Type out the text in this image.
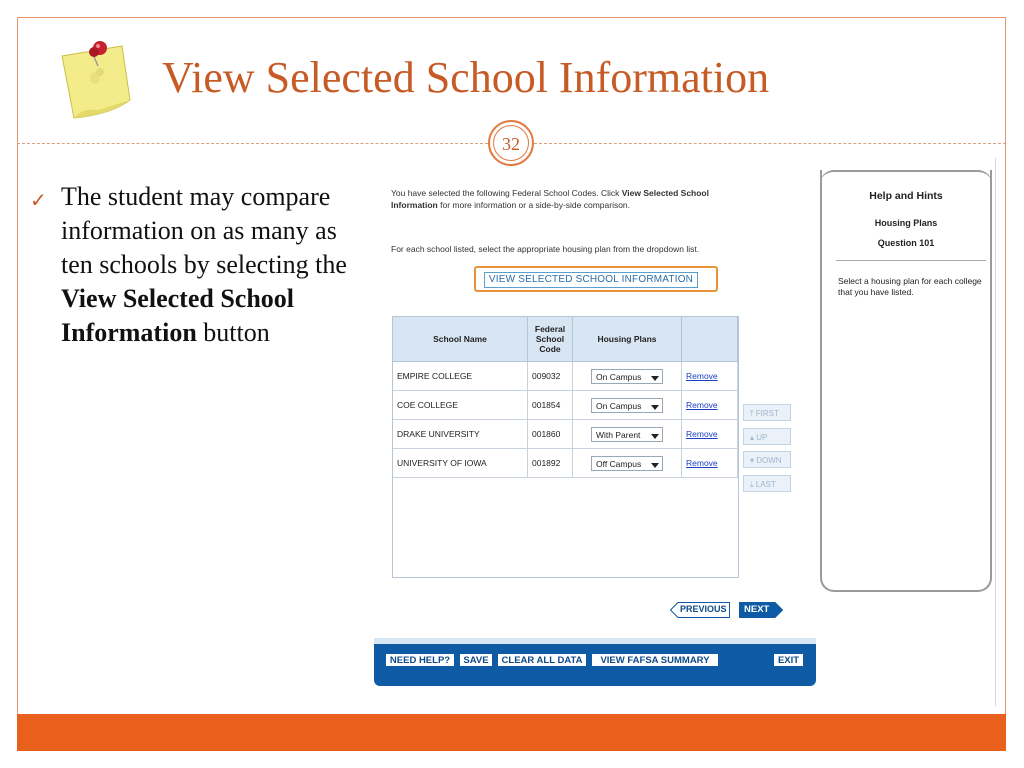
View Selected School Information
32
✓ The student may compare information on as many as ten schools by selecting the View Selected School Information button
You have selected the following Federal School Codes. Click View Selected School
Information for more information or a side-by-side comparison.
For each school listed, select the appropriate housing plan from the dropdown list.
VIEW SELECTED SCHOOL INFORMATION
School Name	Federal School Code	Housing Plans	
EMPIRE COLLEGE	009032	On Campus	Remove
COE COLLEGE	001854	On Campus	Remove
DRAKE UNIVERSITY	001860	With Parent	Remove
UNIVERSITY OF IOWA	001892	Off Campus	Remove
⤒ FIRST
▴ UP
▾ DOWN
⤓ LAST
PREVIOUS NEXT
NEED HELP?	SAVE	CLEAR ALL DATA	VIEW FAFSA SUMMARY	EXIT
Help and Hints
Housing Plans
Question 101
Select a housing plan for each college that you have listed.
